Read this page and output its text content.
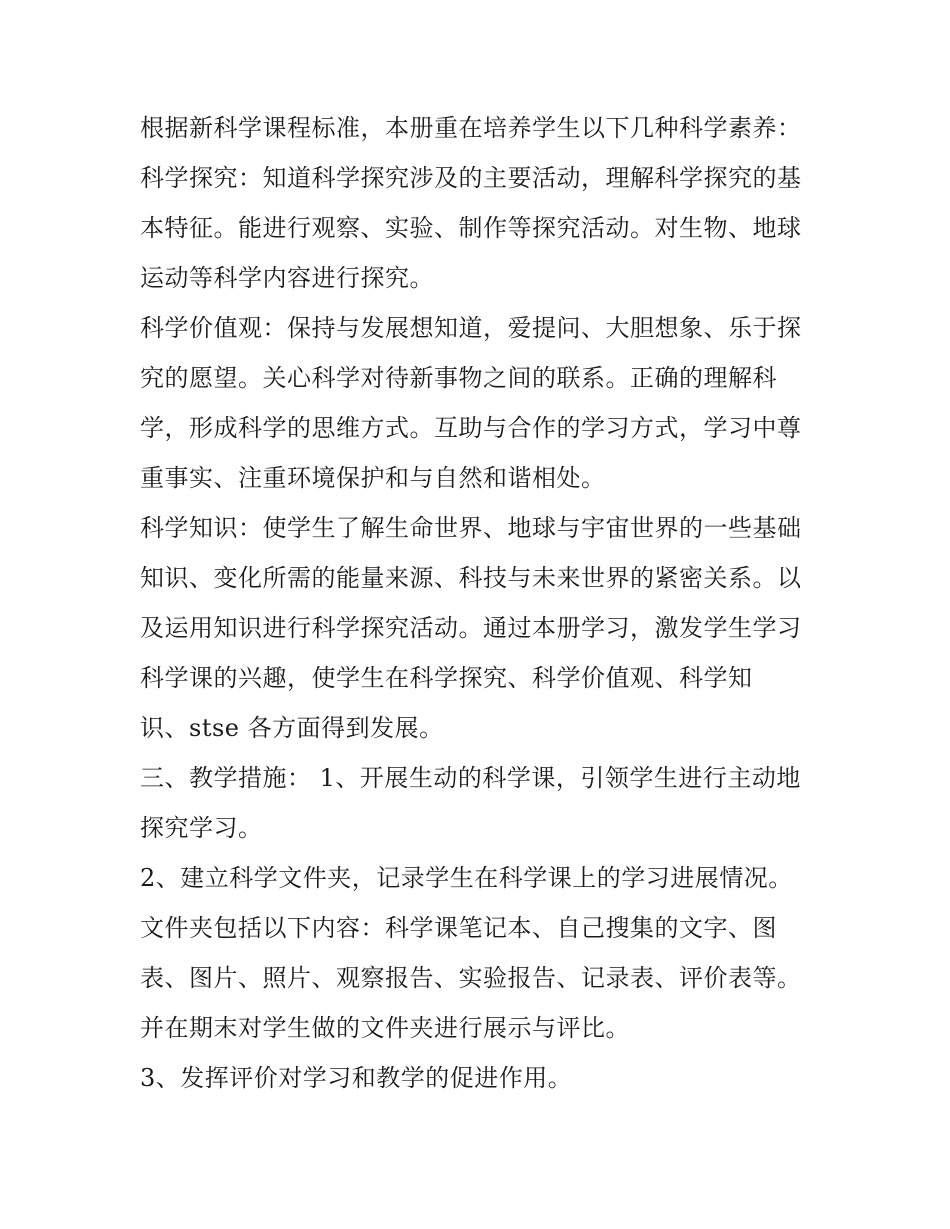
根据新科学课程标准，本册重在培养学生以下几种科学素养：

科学探究：知道科学探究涉及的主要活动，理解科学探究的基
本特征。能进行观察、实验、制作等探究活动。对生物、地球
运动等科学内容进行探究。

科学价值观：保持与发展想知道，爱提问、大胆想象、乐于探
究的愿望。关心科学对待新事物之间的联系。正确的理解科
学，形成科学的思维方式。互助与合作的学习方式，学习中尊
重事实、注重环境保护和与自然和谐相处。

科学知识：使学生了解生命世界、地球与宇宙世界的一些基础
知识、变化所需的能量来源、科技与未来世界的紧密关系。以
及运用知识进行科学探究活动。通过本册学习，激发学生学习
科学课的兴趣，使学生在科学探究、科学价值观、科学知
识、stse 各方面得到发展。

三、教学措施： 1、开展生动的科学课，引领学生进行主动地
探究学习。

2、建立科学文件夹，记录学生在科学课上的学习进展情况。
文件夹包括以下内容：科学课笔记本、自己搜集的文字、图
表、图片、照片、观察报告、实验报告、记录表、评价表等。
并在期末对学生做的文件夹进行展示与评比。

3、发挥评价对学习和教学的促进作用。
